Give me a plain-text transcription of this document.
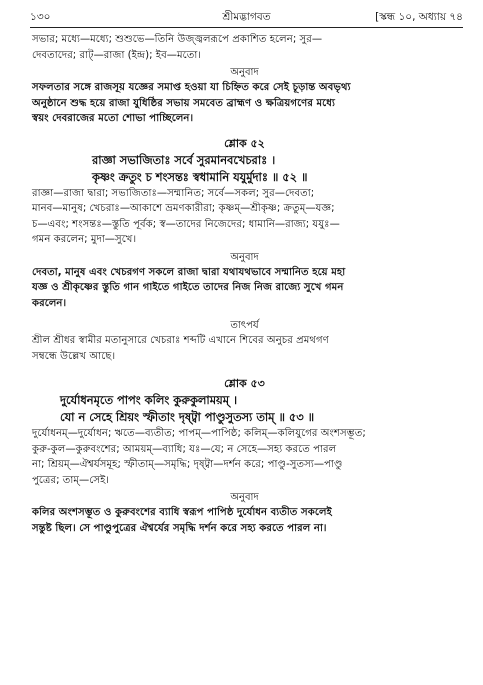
১৩০	শ্রীমদ্ভাগবত	[স্কন্ধ ১০, অধ্যায় ৭৪

সভার; মধ্যে—মধ্যে; শুশুভে—তিনি উজ্জ্বলরূপে প্রকাশিত হলেন; সুর—

দেবতাদের; রাট্—রাজা (ইন্দ্র); ইব—মতো।

অনুবাদ

সফলতার সঙ্গে রাজসূয় যজ্ঞের সমাপ্ত হওয়া যা চিহ্নিত করে সেই চূড়ান্ত অবভৃথ্য

অনুষ্ঠানে শুদ্ধ হয়ে রাজা যুধিষ্ঠির সভায় সমবেত ব্রাহ্মণ ও ক্ষত্রিয়গণের মধ্যে

স্বয়ং দেবরাজের মতো শোভা পাচ্ছিলেন।

শ্লোক ৫২

রাজ্ঞা সভাজিতাঃ সর্বে সুরমানবখেচরাঃ ।

কৃষ্ণং ক্রতুং চ শংসন্তঃ স্বধামানি যযুর্মুদাঃ ॥ ৫২ ॥

রাজ্ঞা—রাজা দ্বারা; সভাজিতাঃ—সম্মানিত; সর্বে—সকল; সুর—দেবতা;

মানব—মানুষ; খেচরাঃ—আকাশে ভ্রমণকারীরা; কৃষ্ণম্—শ্রীকৃষ্ণ; ক্রতুম্—যজ্ঞ;

চ—এবং; শংসন্তঃ—স্তুতি পূর্বক; স্ব—তাদের নিজেদের; ধামানি—রাজ্য; যযুঃ—

গমন করলেন; মুদা—সুখে।

অনুবাদ

দেবতা, মানুষ এবং খেচরগণ সকলে রাজা দ্বারা যথাযথভাবে সম্মানিত হয়ে মহা

যজ্ঞ ও শ্রীকৃষ্ণের স্তুতি গান গাইতে গাইতে তাদের নিজ নিজ রাজ্যে সুখে গমন

করলেন।

তাৎপর্য

শ্রীল শ্রীধর স্বামীর মতানুসারে খেচরাঃ শব্দটি এখানে শিবের অনুচর প্রমথগণ

সম্বন্ধে উল্লেখ আছে।

শ্লোক ৫৩

দুর্যোধনমৃতে পাপং কলিং কুরুকুলাময়ম্ ।

যো ন সেহে শ্রিয়ং স্ফীতাং দৃষ্ট্বা পাণ্ডুসুতস্য তাম্ ॥ ৫৩ ॥

দুর্যোধনম্—দুর্যোধন; ঋতে—ব্যতীত; পাপম্—পাপিষ্ঠ; কলিম্—কলিযুগের অংশসম্ভূত;

কুরু-কুল—কুরুবংশের; আময়ম্—ব্যাধি; যঃ—যে; ন সেহে—সহ্য করতে পারল

না; শ্রিয়ম্—ঐশ্বর্যসমূহ; স্ফীতাম্—সমৃদ্ধি; দৃষ্ট্বা—দর্শন করে; পাণ্ডু-সুতস্য—পাণ্ডু

পুত্রের; তাম্—সেই।

অনুবাদ

কলির অংশসম্ভূত ও কুরুবংশের ব্যাধি স্বরূপ পাপিষ্ঠ দুর্যোধন ব্যতীত সকলেই

সন্তুষ্ট ছিল। সে পাণ্ডুপুত্রের ঐশ্বর্যের সমৃদ্ধি দর্শন করে সহ্য করতে পারল না।
